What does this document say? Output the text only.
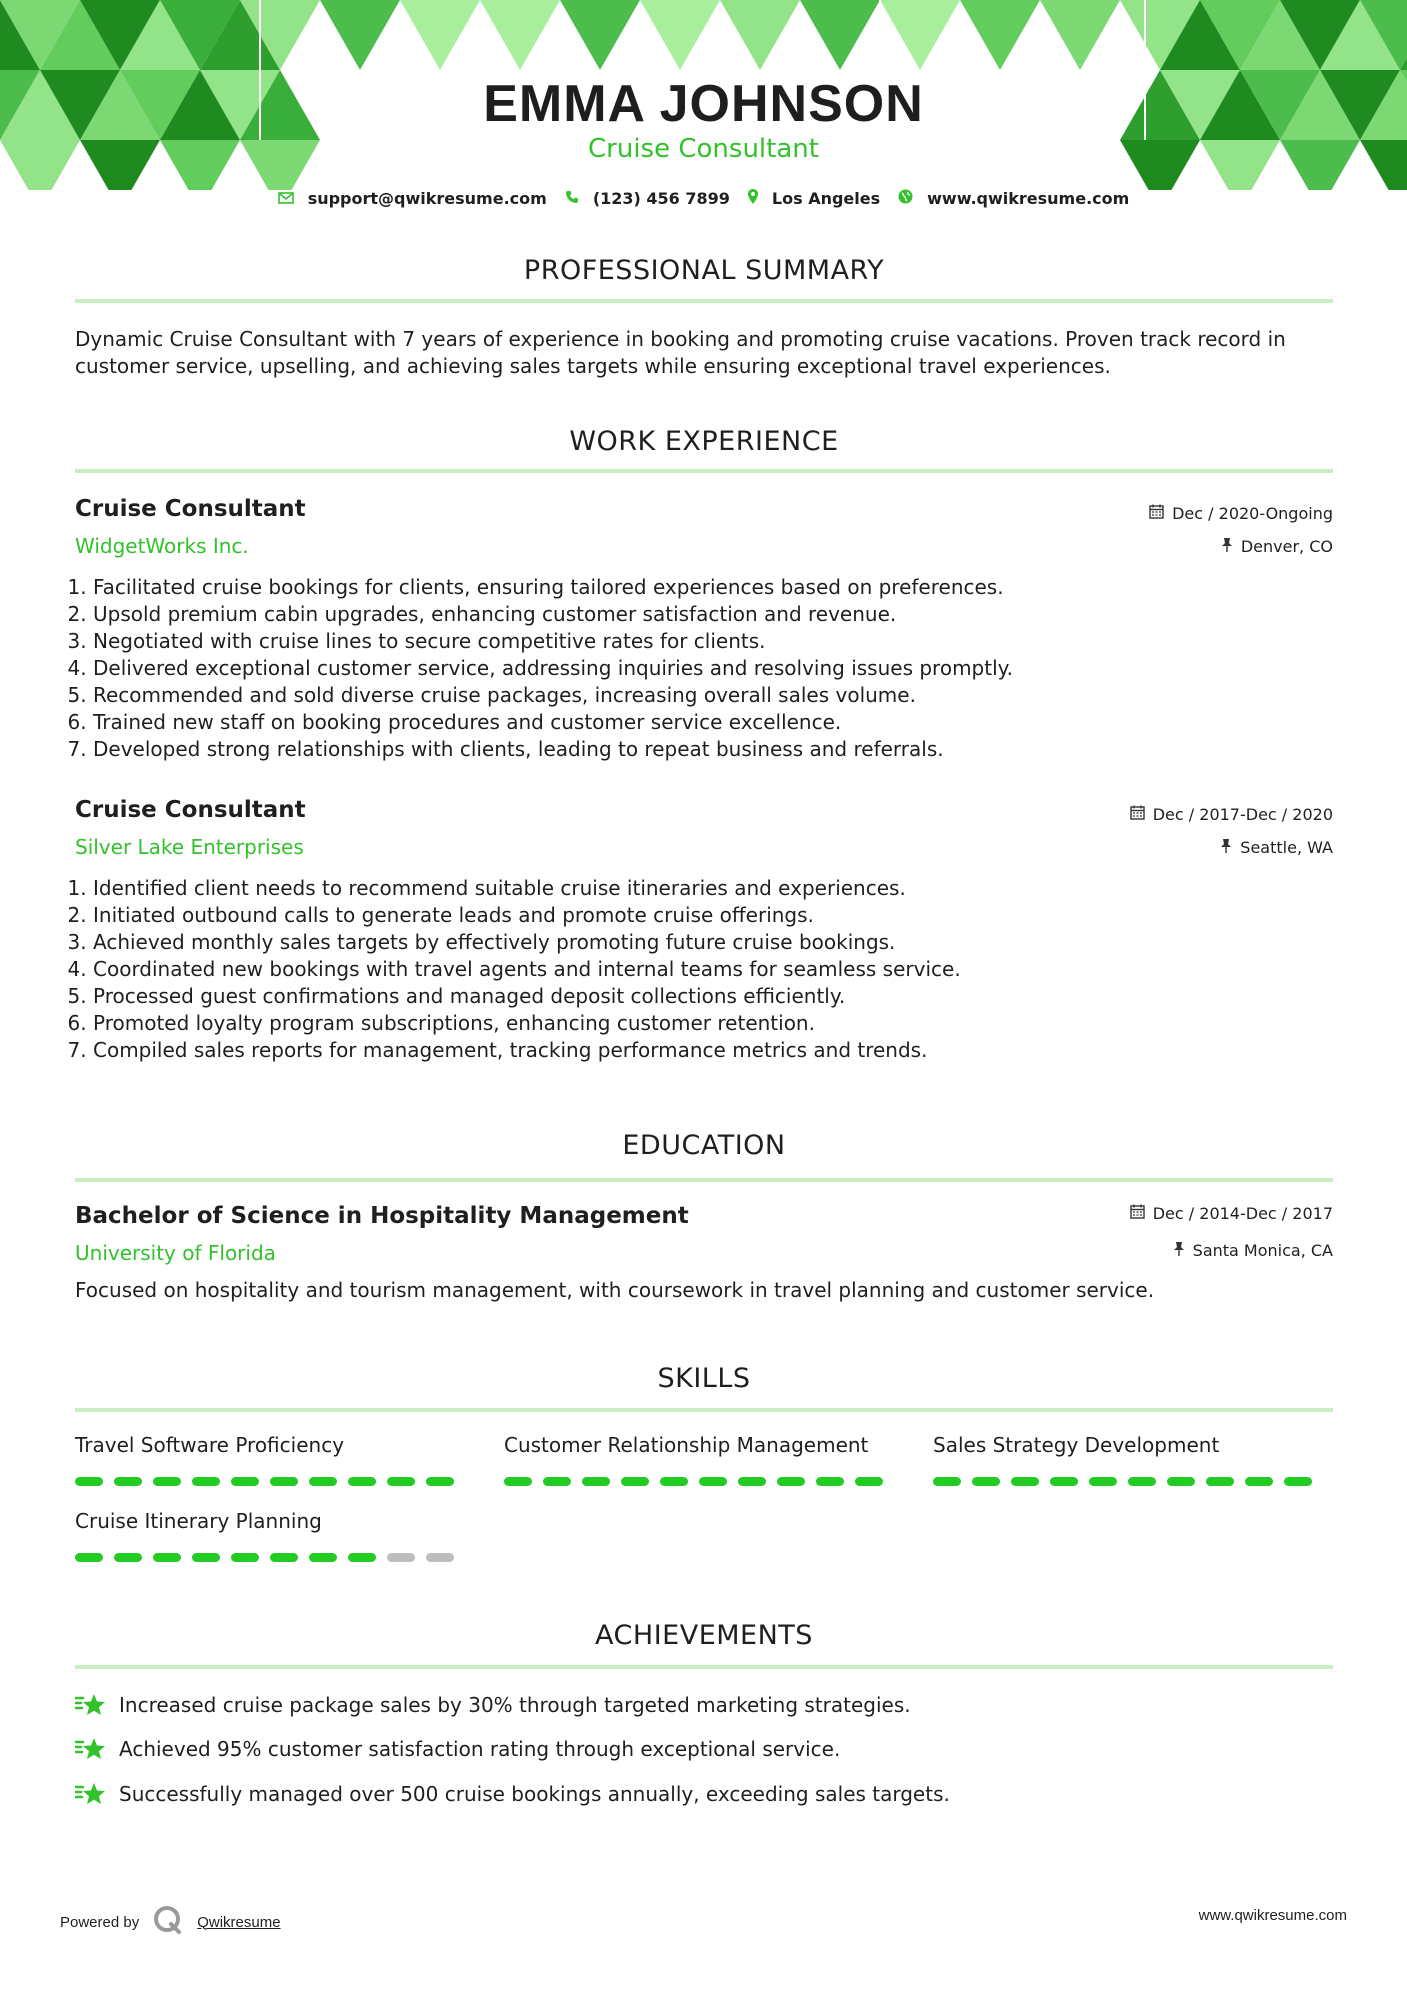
EMMA JOHNSON
Cruise Consultant
support@qwikresume.com	(123) 456 7899	Los Angeles	www.qwikresume.com
PROFESSIONAL SUMMARY
Dynamic Cruise Consultant with 7 years of experience in booking and promoting cruise vacations. Proven track record in customer service, upselling, and achieving sales targets while ensuring exceptional travel experiences.
WORK EXPERIENCE
Cruise Consultant	Dec / 2020-Ongoing
WidgetWorks Inc.	Denver, CO
1. Facilitated cruise bookings for clients, ensuring tailored experiences based on preferences.
2. Upsold premium cabin upgrades, enhancing customer satisfaction and revenue.
3. Negotiated with cruise lines to secure competitive rates for clients.
4. Delivered exceptional customer service, addressing inquiries and resolving issues promptly.
5. Recommended and sold diverse cruise packages, increasing overall sales volume.
6. Trained new staff on booking procedures and customer service excellence.
7. Developed strong relationships with clients, leading to repeat business and referrals.
Cruise Consultant	Dec / 2017-Dec / 2020
Silver Lake Enterprises	Seattle, WA
1. Identified client needs to recommend suitable cruise itineraries and experiences.
2. Initiated outbound calls to generate leads and promote cruise offerings.
3. Achieved monthly sales targets by effectively promoting future cruise bookings.
4. Coordinated new bookings with travel agents and internal teams for seamless service.
5. Processed guest confirmations and managed deposit collections efficiently.
6. Promoted loyalty program subscriptions, enhancing customer retention.
7. Compiled sales reports for management, tracking performance metrics and trends.
EDUCATION
Bachelor of Science in Hospitality Management	Dec / 2014-Dec / 2017
University of Florida	Santa Monica, CA
Focused on hospitality and tourism management, with coursework in travel planning and customer service.
SKILLS
Travel Software Proficiency	Customer Relationship Management	Sales Strategy Development
Cruise Itinerary Planning
ACHIEVEMENTS
Increased cruise package sales by 30% through targeted marketing strategies.
Achieved 95% customer satisfaction rating through exceptional service.
Successfully managed over 500 cruise bookings annually, exceeding sales targets.
Powered by	Qwikresume	www.qwikresume.com
